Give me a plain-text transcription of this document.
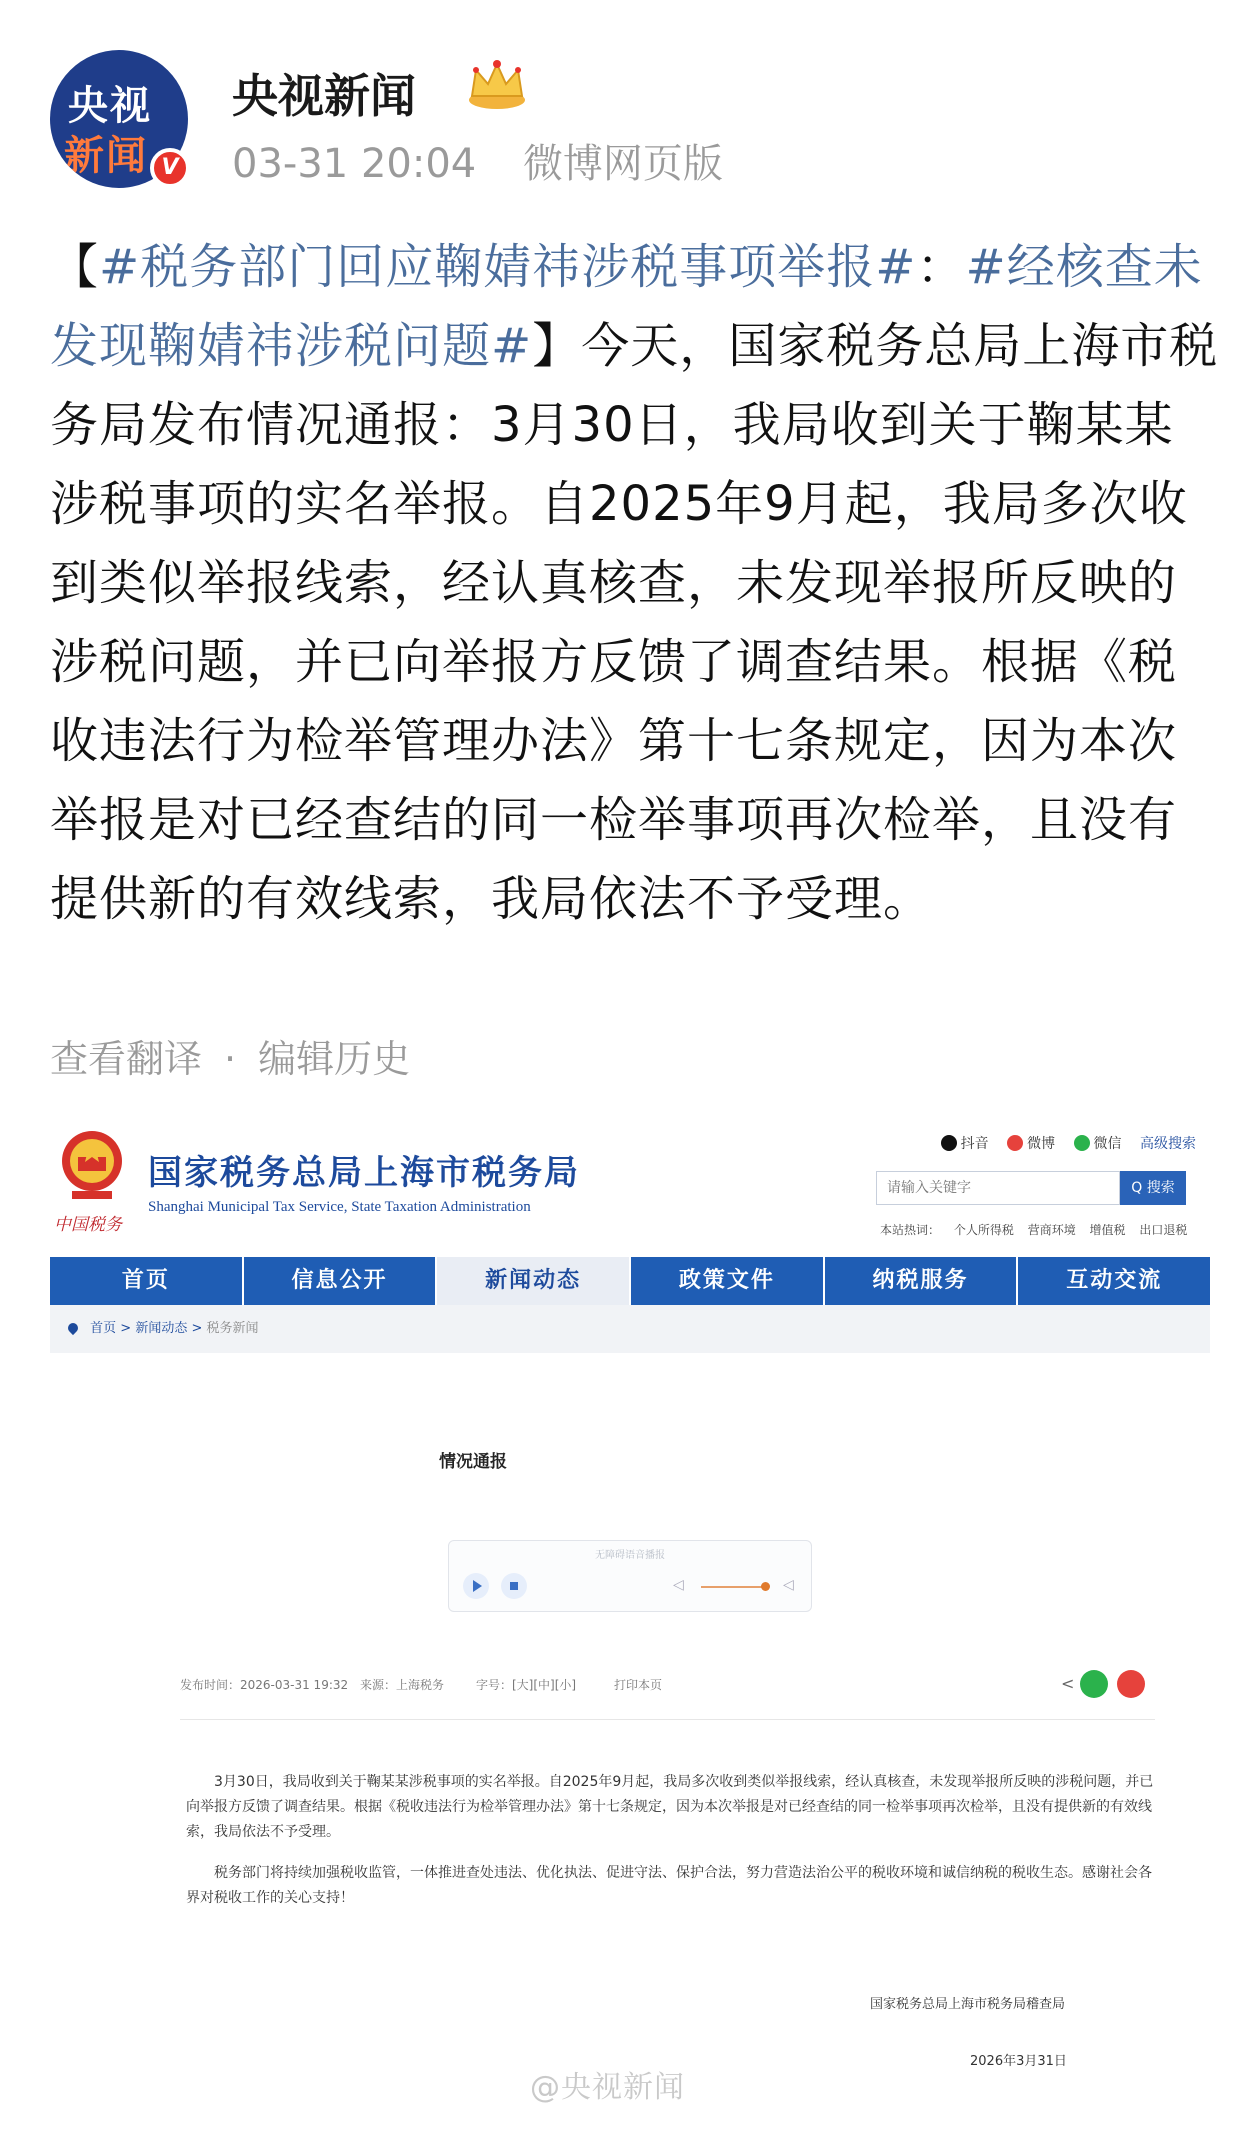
央视
新闻 V
央视新闻
03-31 20:04 微博网页版
【#税务部门回应鞠婧祎涉税事项举报#：#经核查未发现鞠婧祎涉税问题#】今天，国家税务总局上海市税务局发布情况通报：3月30日，我局收到关于鞠某某涉税事项的实名举报。自2025年9月起，我局多次收到类似举报线索，经认真核查，未发现举报所反映的涉税问题，并已向举报方反馈了调查结果。根据《税收违法行为检举管理办法》第十七条规定，因为本次举报是对已经查结的同一检举事项再次检举，且没有提供新的有效线索，我局依法不予受理。
查看翻译 · 编辑历史
中国税务
国家税务总局上海市税务局
Shanghai Municipal Tax Service, State Taxation Administration
抖音	微博	微信 高级搜索
请输入关键字
Q 搜索
本站热词： 个人所得税 营商环境 增值税 出口退税
首页	信息公开	新闻动态	政策文件	纳税服务	互动交流
首页 > 新闻动态 > 税务新闻
情况通报
无障碍语音播报
◁	◁
发布时间：2026-03-31 19:32 来源：上海税务	字号：[大][中][小]	打印本页	<

3月30日，我局收到关于鞠某某涉税事项的实名举报。自2025年9月起，我局多次收到类似举报线索，经认真核查，未发现举报所反映的涉税问题，并已向举报方反馈了调查结果。根据《税收违法行为检举管理办法》第十七条规定，因为本次举报是对已经查结的同一检举事项再次检举，且没有提供新的有效线索，我局依法不予受理。

税务部门将持续加强税收监管，一体推进查处违法、优化执法、促进守法、保护合法，努力营造法治公平的税收环境和诚信纳税的税收生态。感谢社会各界对税收工作的关心支持！

国家税务总局上海市税务局稽查局
2026年3月31日
@央视新闻
